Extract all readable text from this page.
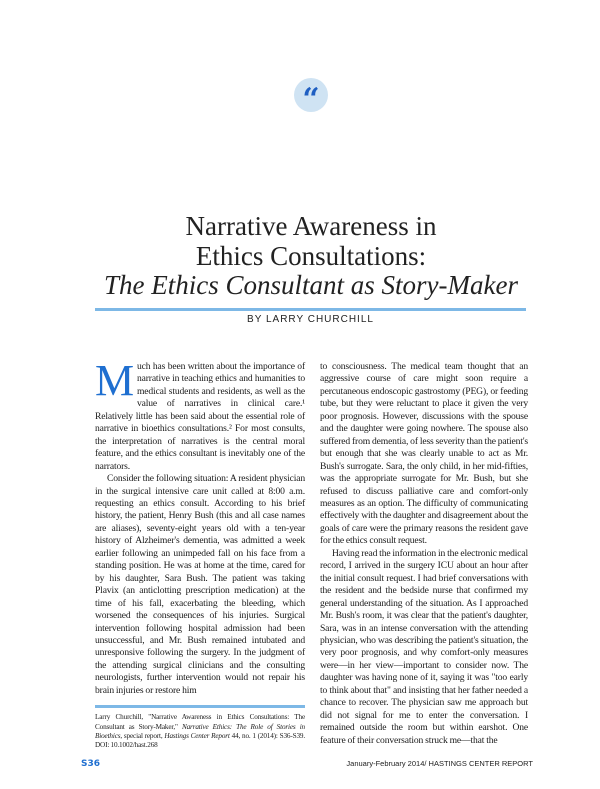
“
Narrative Awareness in
Ethics Consultations:
The Ethics Consultant as Story-Maker
BY LARRY CHURCHILL

Much has been written about the importance of narrative in teaching ethics and humanities to medical students and residents, as well as the value of narratives in clinical care.¹ Relatively little has been said about the essential role of narrative in bioethics consultations.² For most consults, the interpretation of narratives is the central moral feature, and the ethics consultant is inevitably one of the narrators.

Consider the following situation: A resident physician in the surgical intensive care unit called at 8:00 a.m. requesting an ethics consult. According to his brief history, the patient, Henry Bush (this and all case names are aliases), seventy-eight years old with a ten-year history of Alzheimer's dementia, was admitted a week earlier following an unimpeded fall on his face from a standing position. He was at home at the time, cared for by his daughter, Sara Bush. The patient was taking Plavix (an anticlotting prescription medication) at the time of his fall, exacerbating the bleeding, which worsened the consequences of his injuries. Surgical intervention following hospital admission had been unsuccessful, and Mr. Bush remained intubated and unresponsive following the surgery. In the judgment of the attending surgical clinicians and the consulting neurologists, further intervention would not repair his brain injuries or restore him

Larry Churchill, "Narrative Awareness in Ethics Consultations: The Consultant as Story-Maker," Narrative Ethics: The Role of Stories in Bioethics, special report, Hastings Center Report 44, no. 1 (2014): S36-S39. DOI: 10.1002/hast.268

to consciousness. The medical team thought that an aggressive course of care might soon require a percutaneous endoscopic gastrostomy (PEG), or feeding tube, but they were reluctant to place it given the very poor prognosis. However, discussions with the spouse and the daughter were going nowhere. The spouse also suffered from dementia, of less severity than the patient's but enough that she was clearly unable to act as Mr. Bush's surrogate. Sara, the only child, in her mid-fifties, was the appropriate surrogate for Mr. Bush, but she refused to discuss palliative care and comfort-only measures as an option. The difficulty of communicating effectively with the daughter and disagreement about the goals of care were the primary reasons the resident gave for the ethics consult request.

Having read the information in the electronic medical record, I arrived in the surgery ICU about an hour after the initial consult request. I had brief conversations with the resident and the bedside nurse that confirmed my general understanding of the situation. As I approached Mr. Bush's room, it was clear that the patient's daughter, Sara, was in an intense conversation with the attending physician, who was describing the patient's situation, the very poor prognosis, and why comfort-only measures were—in her view—important to consider now. The daughter was having none of it, saying it was "too early to think about that" and insisting that her father needed a chance to recover. The physician saw me approach but did not signal for me to enter the conversation. I remained outside the room but within earshot. One feature of their conversation struck me—that the

S36	January-February 2014/ HASTINGS CENTER REPORT
